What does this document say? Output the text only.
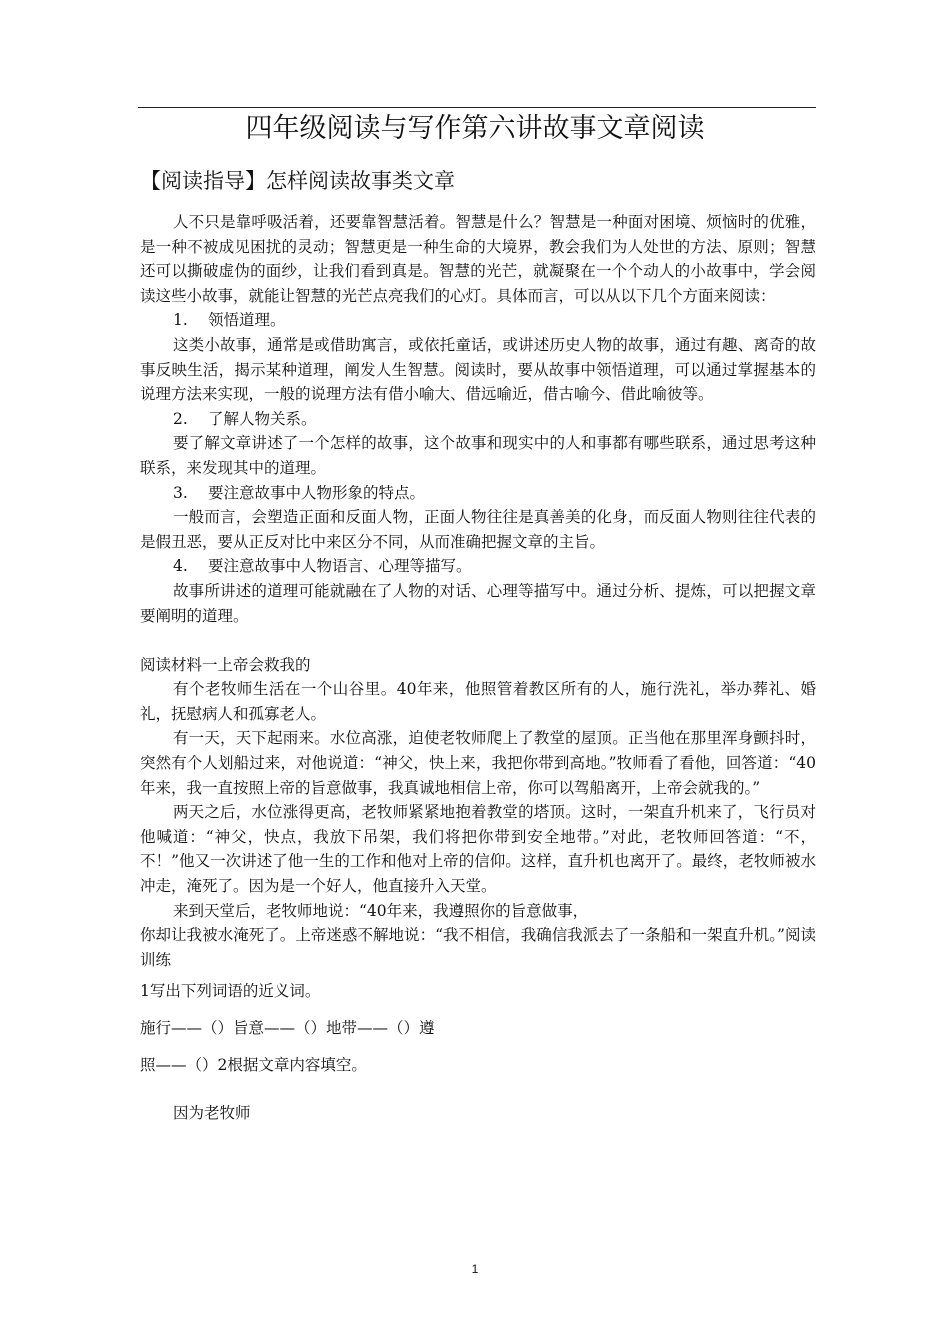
四年级阅读与写作第六讲故事文章阅读
【阅读指导】怎样阅读故事类文章

人不只是靠呼吸活着，还要靠智慧活着。智慧是什么？智慧是一种面对困境、烦恼时的优雅，是一种不被成见困扰的灵动；智慧更是一种生命的大境界，教会我们为人处世的方法、原则；智慧还可以撕破虚伪的面纱，让我们看到真是。智慧的光芒，就凝聚在一个个动人的小故事中，学会阅读这些小故事，就能让智慧的光芒点亮我们的心灯。具体而言，可以从以下几个方面来阅读：

1. 领悟道理。

这类小故事，通常是或借助寓言，或依托童话，或讲述历史人物的故事，通过有趣、离奇的故事反映生活，揭示某种道理，阐发人生智慧。阅读时，要从故事中领悟道理，可以通过掌握基本的说理方法来实现，一般的说理方法有借小喻大、借远喻近，借古喻今、借此喻彼等。

2. 了解人物关系。

要了解文章讲述了一个怎样的故事，这个故事和现实中的人和事都有哪些联系，通过思考这种联系，来发现其中的道理。

3. 要注意故事中人物形象的特点。

一般而言，会塑造正面和反面人物，正面人物往往是真善美的化身，而反面人物则往往代表的是假丑恶，要从正反对比中来区分不同，从而准确把握文章的主旨。

4. 要注意故事中人物语言、心理等描写。

故事所讲述的道理可能就融在了人物的对话、心理等描写中。通过分析、提炼，可以把握文章要阐明的道理。

阅读材料一上帝会救我的

有个老牧师生活在一个山谷里。40年来，他照管着教区所有的人，施行洗礼，举办葬礼、婚礼，抚慰病人和孤寡老人。

有一天，天下起雨来。水位高涨，迫使老牧师爬上了教堂的屋顶。正当他在那里浑身颤抖时，突然有个人划船过来，对他说道：“神父，快上来，我把你带到高地。”牧师看了看他，回答道：“40年来，我一直按照上帝的旨意做事，我真诚地相信上帝，你可以驾船离开，上帝会就我的。”

两天之后，水位涨得更高，老牧师紧紧地抱着教堂的塔顶。这时，一架直升机来了，飞行员对他喊道：“神父，快点，我放下吊架，我们将把你带到安全地带。”对此，老牧师回答道：“不，不！”他又一次讲述了他一生的工作和他对上帝的信仰。这样，直升机也离开了。最终，老牧师被水冲走，淹死了。因为是一个好人，他直接升入天堂。

来到天堂后，老牧师地说：“40年来，我遵照你的旨意做事，

你却让我被水淹死了。上帝迷惑不解地说：“我不相信，我确信我派去了一条船和一架直升机。”阅读训练

1写出下列词语的近义词。

施行——（）旨意——（）地带——（）遵

照——（）2根据文章内容填空。

因为老牧师

1
